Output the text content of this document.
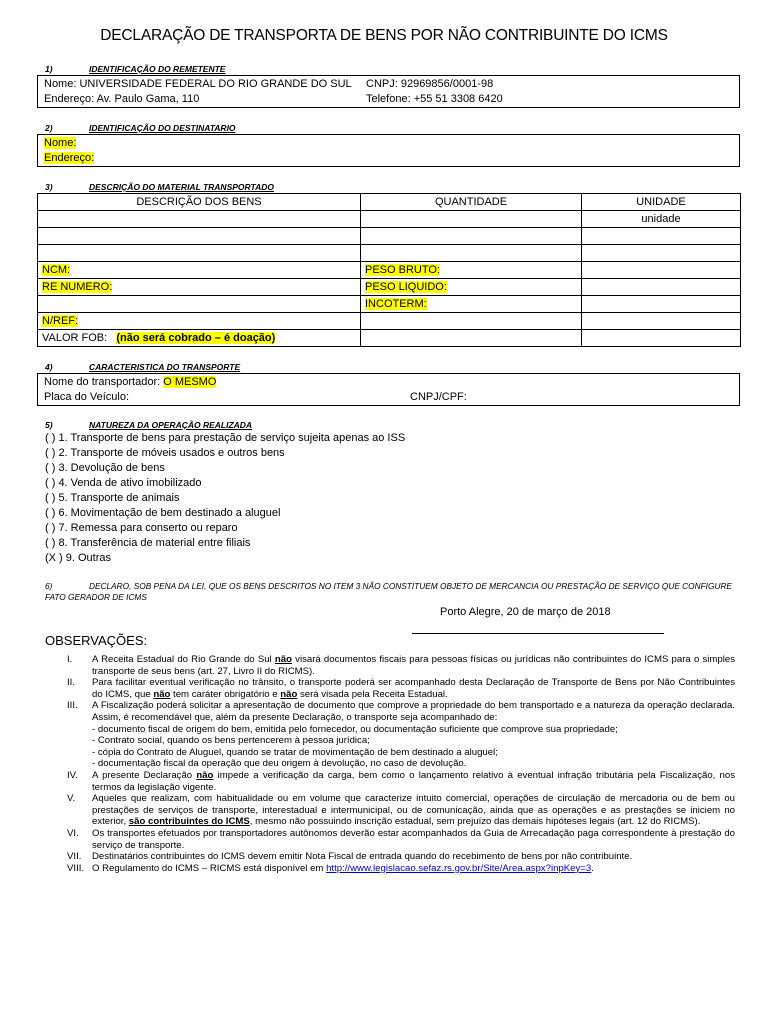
DECLARAÇÃO DE TRANSPORTA DE BENS POR NÃO CONTRIBUINTE DO ICMS
1)	IDENTIFICAÇÃO DO REMETENTE
Nome: UNIVERSIDADE FEDERAL DO RIO GRANDE DO SUL CNPJ: 92969856/0001-98
Endereço: Av. Paulo Gama, 110	Telefone: +55 51 3308 6420
2)	IDENTIFICAÇÃO DO DESTINATARIO
Nome:
Endereço:
3)	DESCRIÇÃO DO MATERIAL TRANSPORTADO
DESCRIÇÃO DOS BENS	QUANTIDADE	UNIDADE
		unidade

NCM:	PESO BRUTO:	
RE NUMERO:	PESO LIQUIDO:	
	INCOTERM:	
N/REF:		
VALOR FOB: (não será cobrado – é doação)		
4)	CARACTERISTICA DO TRANSPORTE
Nome do transportador: O MESMO
Placa do Veículo:	CNPJ/CPF:
5)	NATUREZA DA OPERAÇÃO REALIZADA
( ) 1. Transporte de bens para prestação de serviço sujeita apenas ao ISS
( ) 2. Transporte de móveis usados e outros bens
( ) 3. Devolução de bens
( ) 4. Venda de ativo imobilizado
( ) 5. Transporte de animais
( ) 6. Movimentação de bem destinado a aluguel
( ) 7. Remessa para conserto ou reparo
( ) 8. Transferência de material entre filiais
(X ) 9. Outras
6)	DECLARO, SOB PENA DA LEI, QUE OS BENS DESCRITOS NO ITEM 3 NÃO CONSTITUEM OBJETO DE MERCANCIA OU PRESTAÇÃO DE SERVIÇO QUE CONFIGURE FATO GERADOR DE ICMS
Porto Alegre, 20 de março de 2018
OBSERVAÇÕES:
I.	A Receita Estadual do Rio Grande do Sul não visará documentos fiscais para pessoas físicas ou jurídicas não contribuintes do ICMS para o simples transporte de seus bens (art. 27, Livro II do RICMS).
II.	Para facilitar eventual verificação no trânsito, o transporte poderá ser acompanhado desta Declaração de Transporte de Bens por Não Contribuintes do ICMS, que não tem caráter obrigatório e não será visada pela Receita Estadual.
III.	A Fiscalização poderá solicitar a apresentação de documento que comprove a propriedade do bem transportado e a natureza da operação declarada. Assim, é recomendável que, além da presente Declaração, o transporte seja acompanhado de:
- documento fiscal de origem do bem, emitida pelo fornecedor, ou documentação suficiente que comprove sua propriedade;
- Contrato social, quando os bens pertencerem à pessoa jurídica;
- cópia do Contrato de Aluguel, quando se tratar de movimentação de bem destinado a aluguel;
- documentação fiscal da operação que deu origem à devolução, no caso de devolução.
IV.	A presente Declaração não impede a verificação da carga, bem como o lançamento relativo à eventual infração tributária pela Fiscalização, nos termos da legislação vigente.
V.	Aqueles que realizam, com habitualidade ou em volume que caracterize intuito comercial, operações de circulação de mercadoria ou de bem ou prestações de serviços de transporte, interestadual e intermunicipal, ou de comunicação, ainda que as operações e as prestações se iniciem no exterior, são contribuintes do ICMS, mesmo não possuindo inscrição estadual, sem prejuízo das demais hipóteses legais (art. 12 do RICMS).
VI.	Os transportes efetuados por transportadores autônomos deverão estar acompanhados da Guia de Arrecadação paga correspondente à prestação do serviço de transporte.
VII.	Destinatários contribuintes do ICMS devem emitir Nota Fiscal de entrada quando do recebimento de bens por não contribuinte.
VIII. O Regulamento do ICMS – RICMS está disponível em http://www.legislacao.sefaz.rs.gov.br/Site/Area.aspx?inpKey=3.
